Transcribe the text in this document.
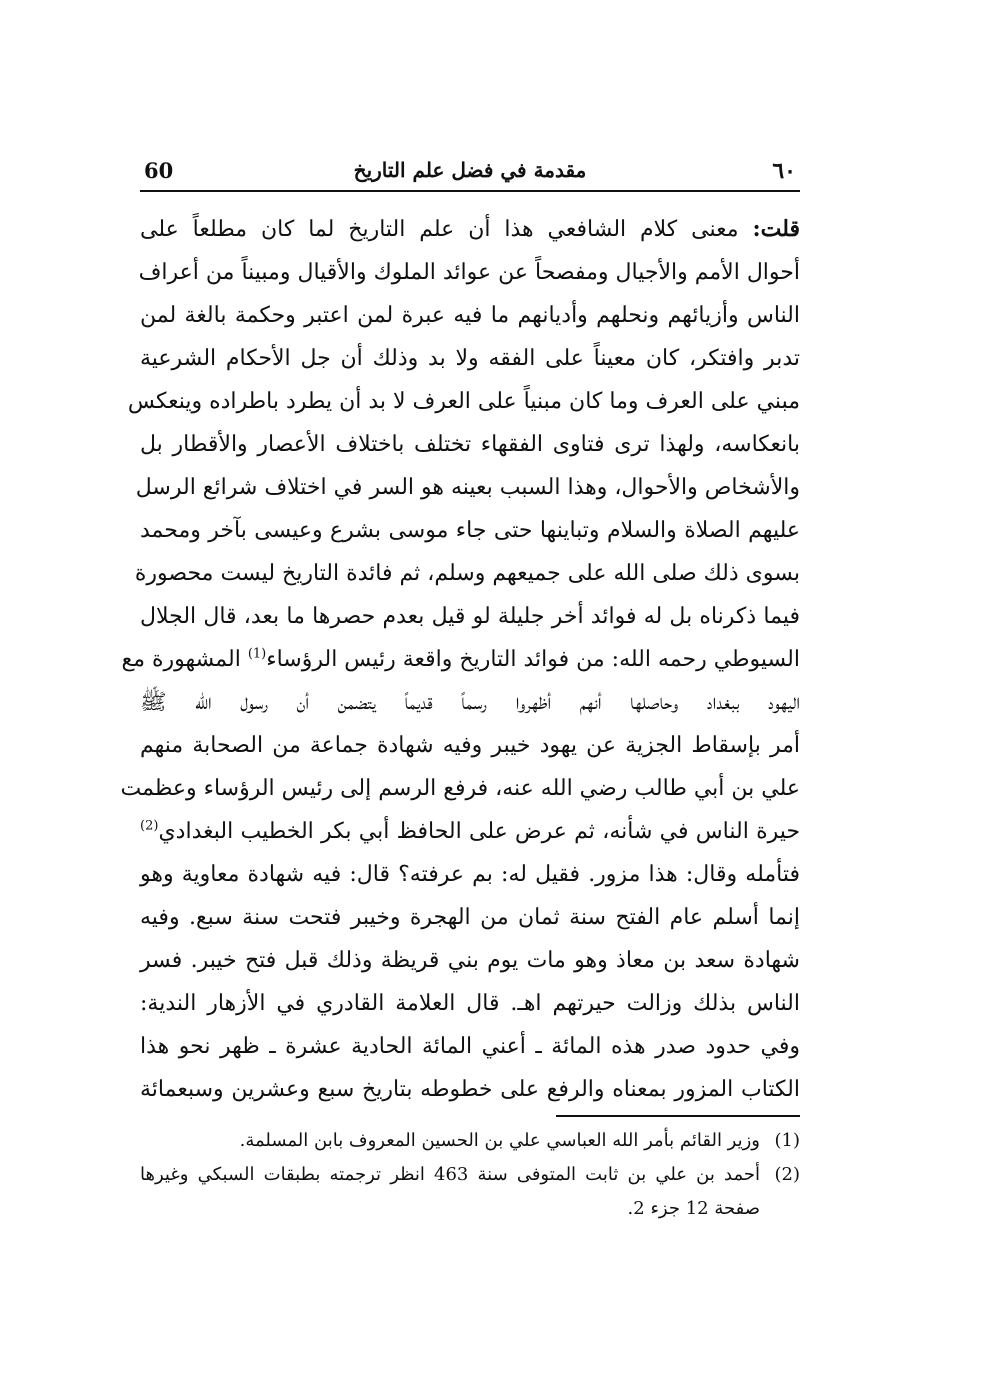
60	مقدمة في فضل علم التاريخ	٦٠
قلت: معنى كلام الشافعي هذا أن علم التاريخ لما كان مطلعاً على
أحوال الأمم والأجيال ومفصحاً عن عوائد الملوك والأقيال ومبيناً من أعراف
الناس وأزيائهم ونحلهم وأديانهم ما فيه عبرة لمن اعتبر وحكمة بالغة لمن
تدبر وافتكر، كان معيناً على الفقه ولا بد وذلك أن جل الأحكام الشرعية
مبني على العرف وما كان مبنياً على العرف لا بد أن يطرد باطراده وينعكس
بانعكاسه، ولهذا ترى فتاوى الفقهاء تختلف باختلاف الأعصار والأقطار بل
والأشخاص والأحوال، وهذا السبب بعينه هو السر في اختلاف شرائع الرسل
عليهم الصلاة والسلام وتباينها حتى جاء موسى بشرع وعيسى بآخر ومحمد
بسوى ذلك صلى الله على جميعهم وسلم، ثم فائدة التاريخ ليست محصورة
فيما ذكرناه بل له فوائد أخر جليلة لو قيل بعدم حصرها ما بعد، قال الجلال
السيوطي رحمه الله: من فوائد التاريخ واقعة رئيس الرؤساء$^{(1)}$ المشهورة مع
اليهود ببغداد وحاصلها أنهم أظهروا رسماً قديماً يتضمن أن رسول الله ﷺ
أمر بإسقاط الجزية عن يهود خيبر وفيه شهادة جماعة من الصحابة منهم
علي بن أبي طالب رضي الله عنه، فرفع الرسم إلى رئيس الرؤساء وعظمت
حيرة الناس في شأنه، ثم عرض على الحافظ أبي بكر الخطيب البغدادي$^{(2)}$
فتأمله وقال: هذا مزور. فقيل له: بم عرفته؟ قال: فيه شهادة معاوية وهو
إنما أسلم عام الفتح سنة ثمان من الهجرة وخيبر فتحت سنة سبع. وفيه
شهادة سعد بن معاذ وهو مات يوم بني قريظة وذلك قبل فتح خيبر. فسر
الناس بذلك وزالت حيرتهم اهـ. قال العلامة القادري في الأزهار الندية:
وفي حدود صدر هذه المائة ـ أعني المائة الحادية عشرة ـ ظهر نحو هذا
الكتاب المزور بمعناه والرفع على خطوطه بتاريخ سبع وعشرين وسبعمائة
(1)
وزير القائم بأمر الله العباسي علي بن الحسين المعروف بابن المسلمة.
(2)
أحمد بن علي بن ثابت المتوفى سنة 463 انظر ترجمته بطبقات السبكي وغيرها
صفحة 12 جزء 2.
